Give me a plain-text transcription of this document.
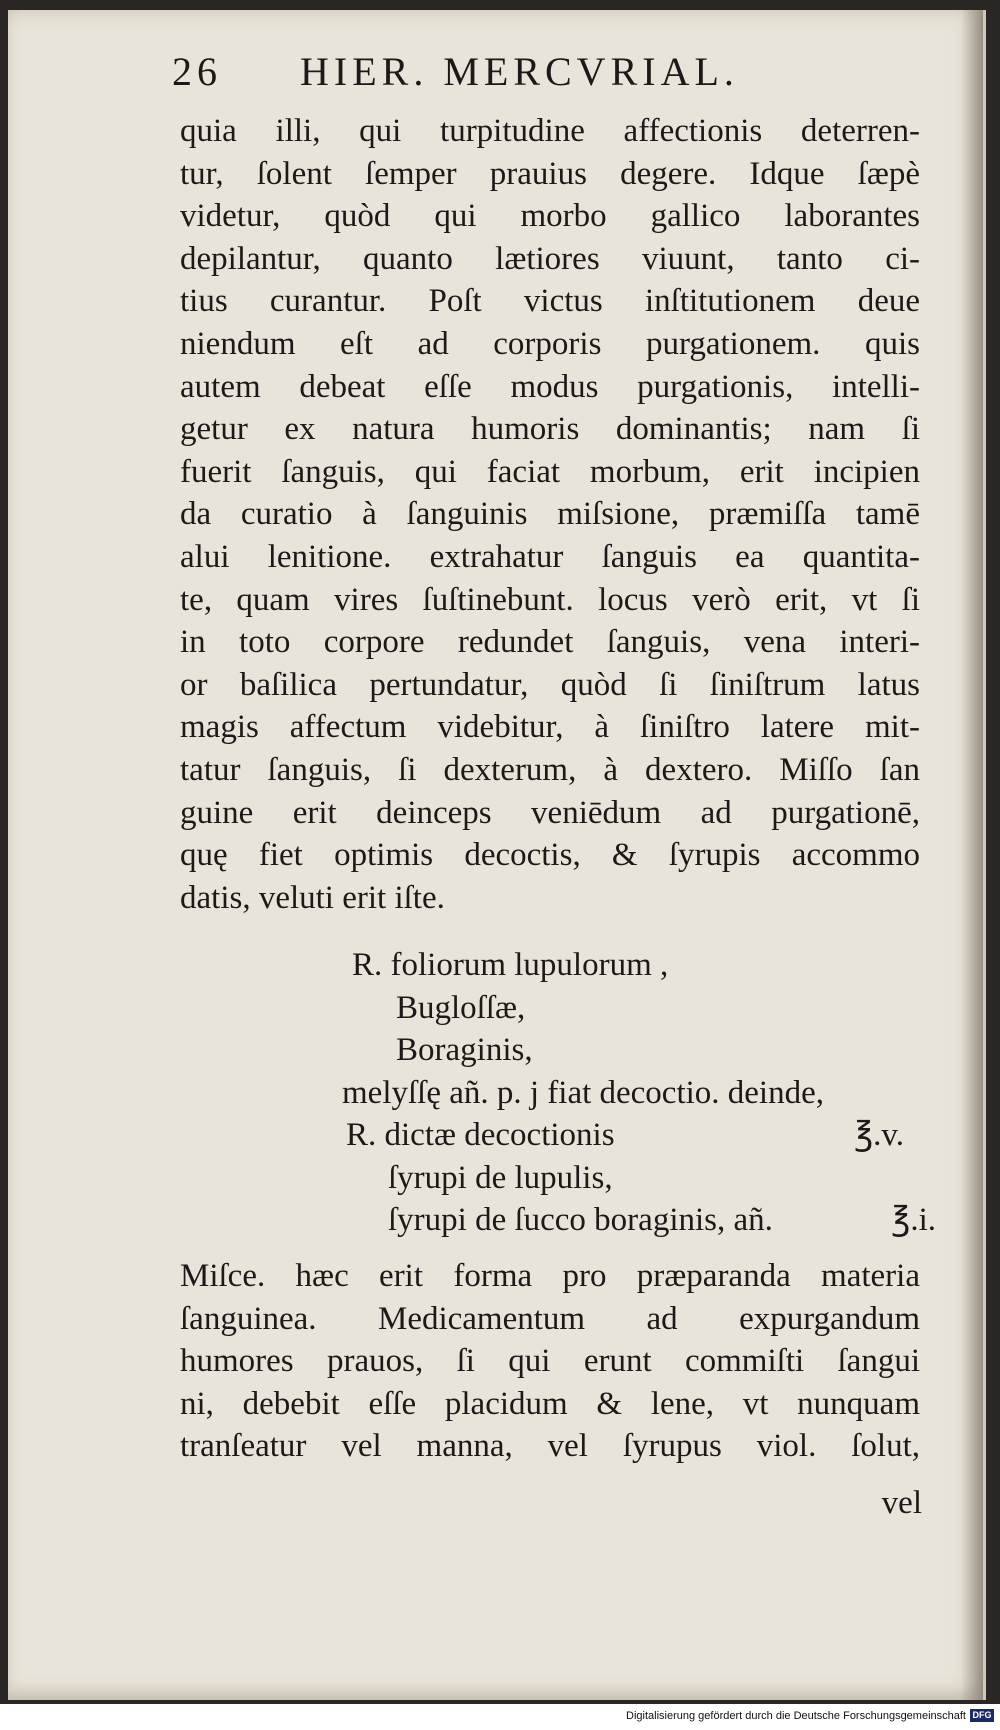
26 HIER. MERCVRIAL.
quia illi, qui turpitudine affectionis deterren-
tur, ſolent ſemper prauius degere. Idque ſæpè
videtur, quòd qui morbo gallico laborantes
depilantur, quanto lætiores viuunt, tanto ci-
tius curantur. Poſt victus inſtitutionem deue
niendum eſt ad corporis purgationem. quis
autem debeat eſſe modus purgationis, intelli-
getur ex natura humoris dominantis; nam ſi
fuerit ſanguis, qui faciat morbum, erit incipien
da curatio à ſanguinis miſsione, præmiſſa tamē
alui lenitione. extrahatur ſanguis ea quantita-
te, quam vires ſuſtinebunt. locus verò erit, vt ſi
in toto corpore redundet ſanguis, vena interi-
or baſilica pertundatur, quòd ſi ſiniſtrum latus
magis affectum videbitur, à ſiniſtro latere mit-
tatur ſanguis, ſi dexterum, à dextero. Miſſo ſan
guine erit deinceps veniēdum ad purgationē,
quę fiet optimis decoctis, & ſyrupis accommo
datis, veluti erit iſte.
R. foliorum lupulorum ,
Bugloſſæ,
Boraginis,
melyſſę añ. p. j fiat decoctio. deinde,
R. dictæ decoctionis	℥.v.
ſyrupi de lupulis,
ſyrupi de ſucco boraginis, añ.	℥.i.
Miſce. hæc erit forma pro præparanda materia
ſanguinea. Medicamentum ad expurgandum
humores prauos, ſi qui erunt commiſti ſangui
ni, debebit eſſe placidum & lene, vt nunquam
tranſeatur vel manna, vel ſyrupus viol. ſolut,
vel
Digitalisierung gefördert durch die Deutsche Forschungsgemeinschaft DFG
